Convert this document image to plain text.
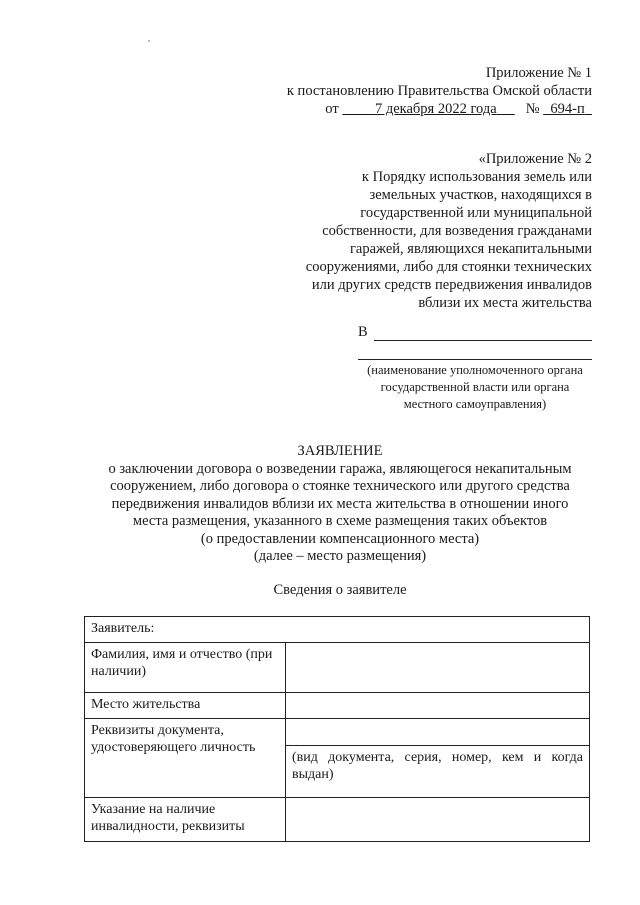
Приложение № 1
к постановлению Правительства Омской области
от	7 декабря 2022 года № 694-п
«Приложение № 2
к Порядку использования земель или
земельных участков, находящихся в
государственной или муниципальной
собственности, для возведения гражданами
гаражей, являющихся некапитальными
сооружениями, либо для стоянки технических
или других средств передвижения инвалидов
вблизи их места жительства
В
(наименование уполномоченного органа
государственной власти или органа
местного самоуправления)
ЗАЯВЛЕНИЕ
о заключении договора о возведении гаража, являющегося некапитальным
сооружением, либо договора о стоянке технического или другого средства
передвижения инвалидов вблизи их места жительства в отношении иного
места размещения, указанного в схеме размещения таких объектов
(о предоставлении компенсационного места)
(далее – место размещения)
Сведения о заявителе
Заявитель:	
Фамилия, имя и отчество (при наличии)	
Место жительства	
Реквизиты документа, удостоверяющего личность	
	(вид документа, серия, номер, кем и когда выдан)
Указание на наличие инвалидности, реквизиты	
